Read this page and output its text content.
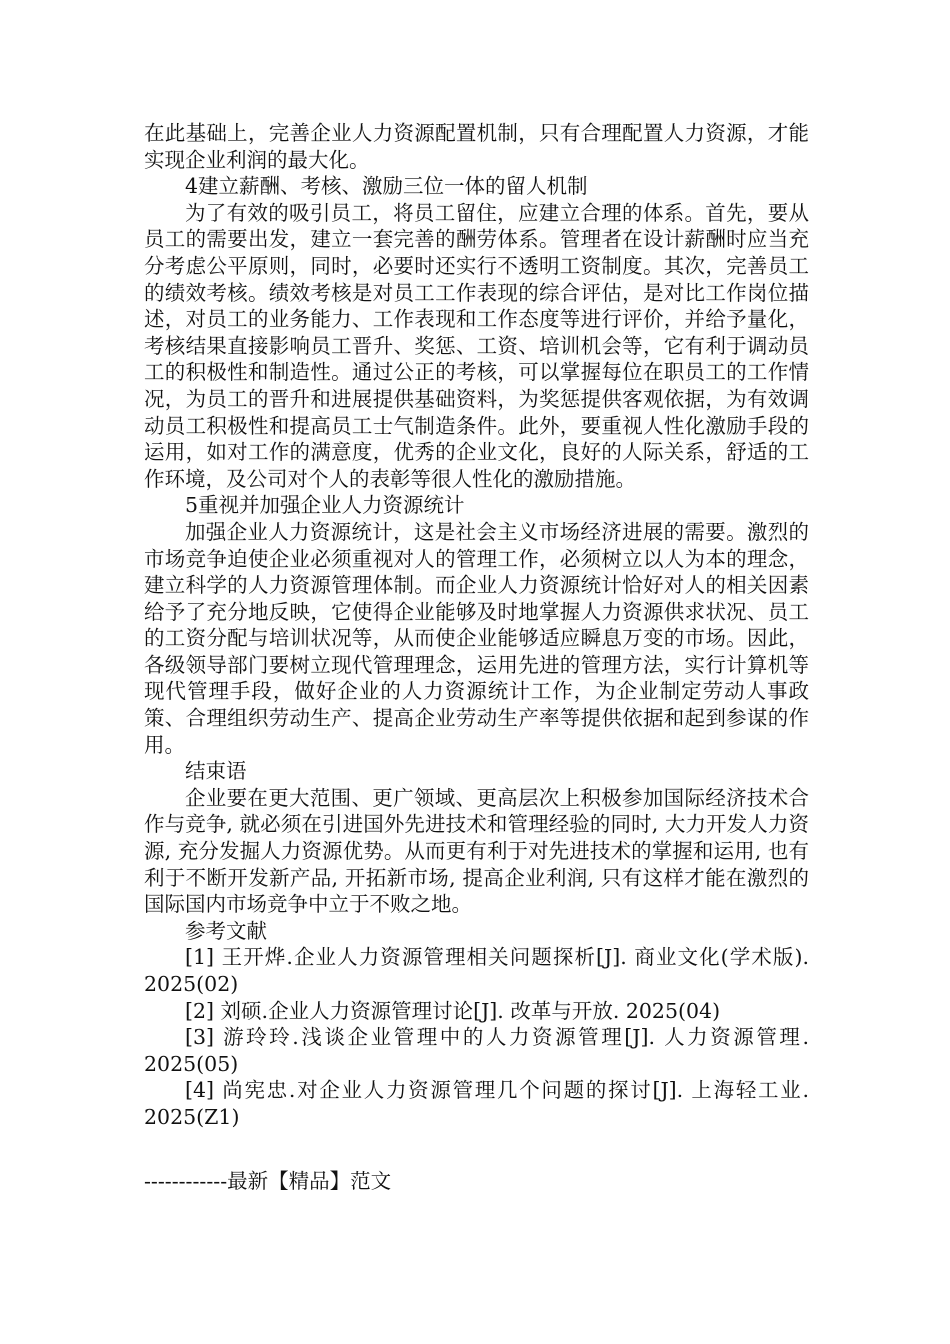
在此基础上，完善企业人力资源配置机制，只有合理配置人力资源，才能实现企业利润的最大化。

4建立薪酬、考核、激励三位一体的留人机制

为了有效的吸引员工，将员工留住，应建立合理的体系。首先，要从员工的需要出发，建立一套完善的酬劳体系。管理者在设计薪酬时应当充分考虑公平原则，同时，必要时还实行不透明工资制度。其次，完善员工的绩效考核。绩效考核是对员工工作表现的综合评估，是对比工作岗位描述，对员工的业务能力、工作表现和工作态度等进行评价，并给予量化，考核结果直接影响员工晋升、奖惩、工资、培训机会等，它有利于调动员工的积极性和制造性。通过公正的考核，可以掌握每位在职员工的工作情况，为员工的晋升和进展提供基础资料，为奖惩提供客观依据，为有效调动员工积极性和提高员工士气制造条件。此外，要重视人性化激励手段的运用，如对工作的满意度，优秀的企业文化，良好的人际关系，舒适的工作环境，及公司对个人的表彰等很人性化的激励措施。

5重视并加强企业人力资源统计

加强企业人力资源统计，这是社会主义市场经济进展的需要。激烈的市场竞争迫使企业必须重视对人的管理工作，必须树立以人为本的理念，建立科学的人力资源管理体制。而企业人力资源统计恰好对人的相关因素给予了充分地反映，它使得企业能够及时地掌握人力资源供求状况、员工的工资分配与培训状况等，从而使企业能够适应瞬息万变的市场。因此，各级领导部门要树立现代管理理念，运用先进的管理方法，实行计算机等现代管理手段，做好企业的人力资源统计工作，为企业制定劳动人事政策、合理组织劳动生产、提高企业劳动生产率等提供依据和起到参谋的作用。

结束语

企业要在更大范围、更广领域、更高层次上积极参加国际经济技术合作与竞争, 就必须在引进国外先进技术和管理经验的同时, 大力开发人力资源, 充分发掘人力资源优势。从而更有利于对先进技术的掌握和运用, 也有利于不断开发新产品, 开拓新市场, 提高企业利润, 只有这样才能在激烈的国际国内市场竞争中立于不败之地。

参考文献

[1] 王开烨.企业人力资源管理相关问题探析[J]. 商业文化(学术版). 2025(02)

[2] 刘硕.企业人力资源管理讨论[J]. 改革与开放. 2025(04)

[3] 游玲玲.浅谈企业管理中的人力资源管理[J]. 人力资源管理. 2025(05)

[4] 尚宪忠.对企业人力资源管理几个问题的探讨[J]. 上海轻工业. 2025(Z1)

------------最新【精品】范文
